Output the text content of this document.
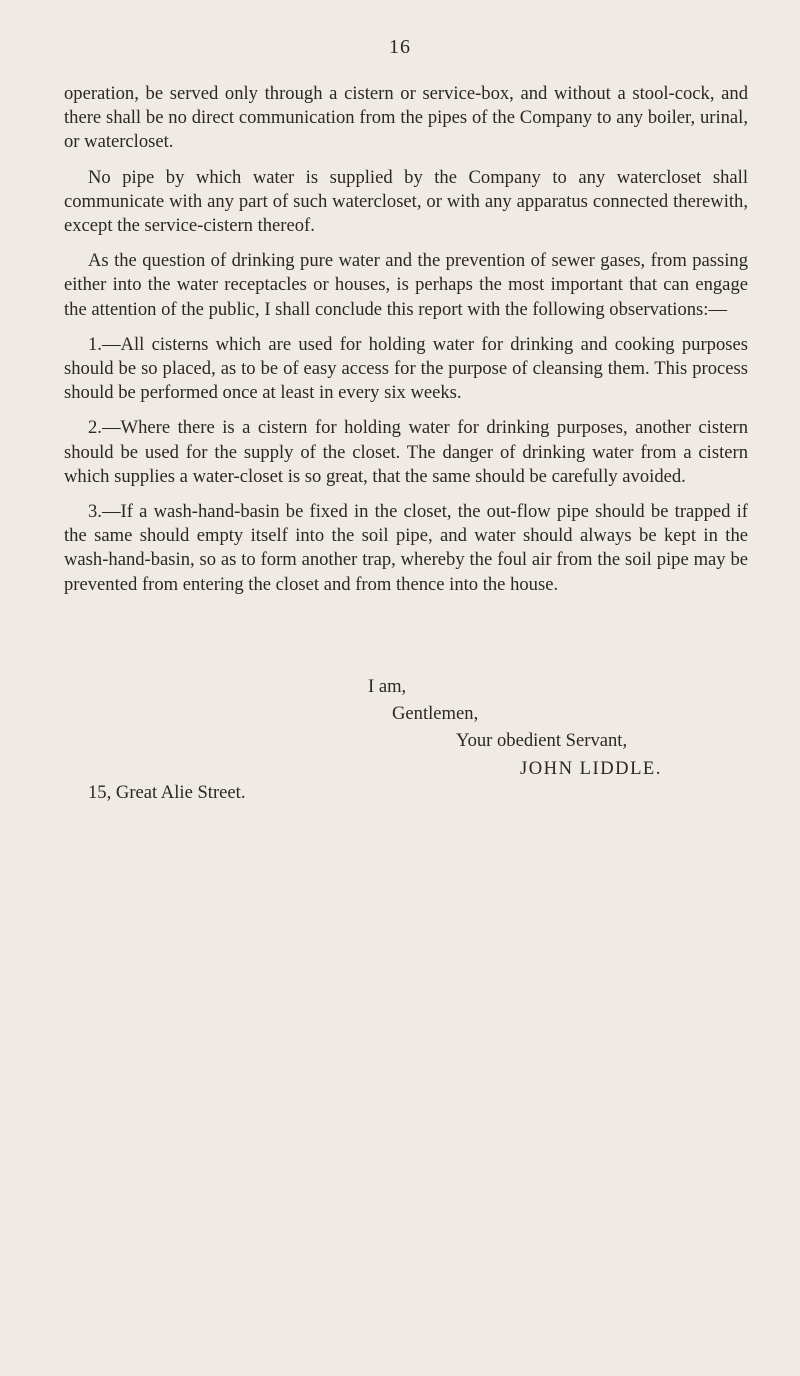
16

operation, be served only through a cistern or service-box, and without a stool-cock, and there shall be no direct communication from the pipes of the Company to any boiler, urinal, or watercloset.

No pipe by which water is supplied by the Company to any watercloset shall communicate with any part of such watercloset, or with any apparatus connected therewith, except the service-cistern thereof.

As the question of drinking pure water and the prevention of sewer gases, from passing either into the water receptacles or houses, is perhaps the most important that can engage the attention of the public, I shall conclude this report with the following observations:—

1.—All cisterns which are used for holding water for drinking and cooking purposes should be so placed, as to be of easy access for the purpose of cleansing them. This process should be performed once at least in every six weeks.

2.—Where there is a cistern for holding water for drinking purposes, another cistern should be used for the supply of the closet. The danger of drinking water from a cistern which supplies a water-closet is so great, that the same should be carefully avoided.

3.—If a wash-hand-basin be fixed in the closet, the out-flow pipe should be trapped if the same should empty itself into the soil pipe, and water should always be kept in the wash-hand-basin, so as to form another trap, whereby the foul air from the soil pipe may be prevented from entering the closet and from thence into the house.

I am,
Gentlemen,
Your obedient Servant,
JOHN LIDDLE.
15, Great Alie Street.
